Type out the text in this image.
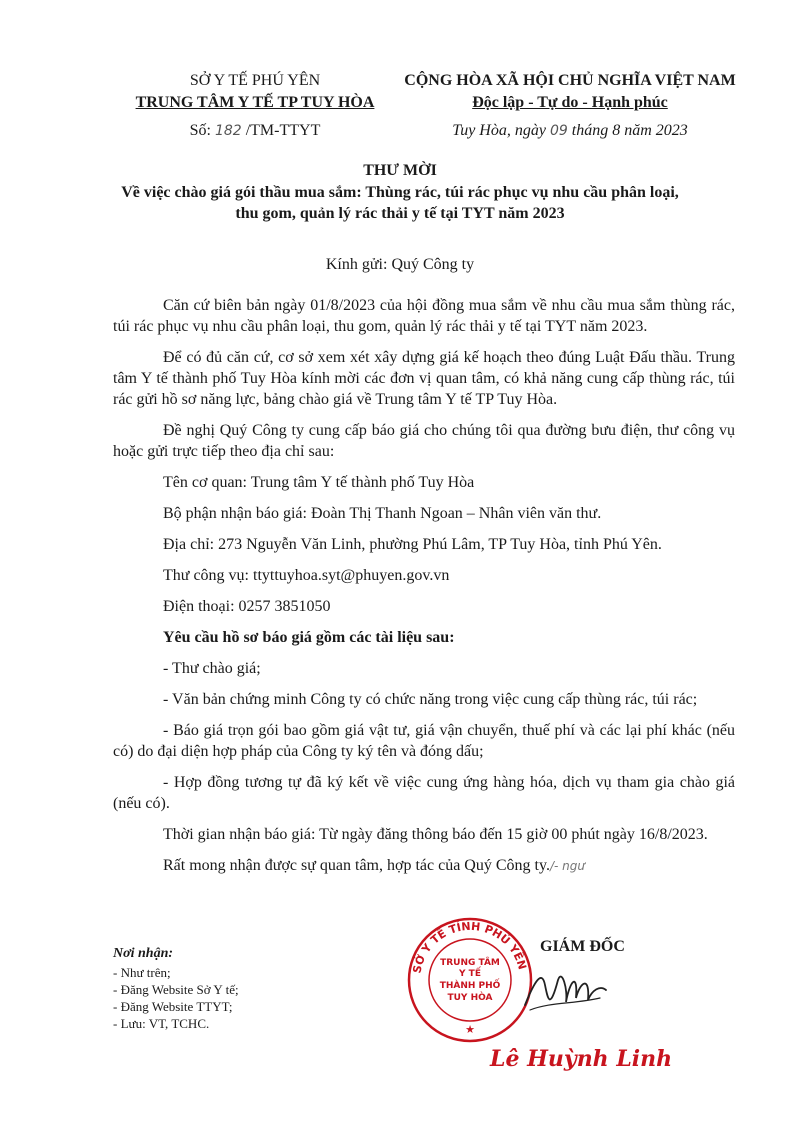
SỞ Y TẾ PHÚ YÊN
TRUNG TÂM Y TẾ TP TUY HÒA
Số: 182 /TM-TTYT
CỘNG HÒA XÃ HỘI CHỦ NGHĨA VIỆT NAM
Độc lập - Tự do - Hạnh phúc
Tuy Hòa, ngày 09 tháng 8 năm 2023
THƯ MỜI
Về việc chào giá gói thầu mua sắm: Thùng rác, túi rác phục vụ nhu cầu phân loại,
thu gom, quản lý rác thải y tế tại TYT năm 2023
Kính gửi: Quý Công ty

Căn cứ biên bản ngày 01/8/2023 của hội đồng mua sắm về nhu cầu mua sắm thùng rác, túi rác phục vụ nhu cầu phân loại, thu gom, quản lý rác thải y tế tại TYT năm 2023.

Để có đủ căn cứ, cơ sở xem xét xây dựng giá kế hoạch theo đúng Luật Đấu thầu. Trung tâm Y tế thành phố Tuy Hòa kính mời các đơn vị quan tâm, có khả năng cung cấp thùng rác, túi rác gửi hồ sơ năng lực, bảng chào giá về Trung tâm Y tế TP Tuy Hòa.

Đề nghị Quý Công ty cung cấp báo giá cho chúng tôi qua đường bưu điện, thư công vụ hoặc gửi trực tiếp theo địa chỉ sau:

Tên cơ quan: Trung tâm Y tế thành phố Tuy Hòa

Bộ phận nhận báo giá: Đoàn Thị Thanh Ngoan – Nhân viên văn thư.

Địa chỉ: 273 Nguyễn Văn Linh, phường Phú Lâm, TP Tuy Hòa, tỉnh Phú Yên.

Thư công vụ: ttyttuyhoa.syt@phuyen.gov.vn

Điện thoại: 0257 3851050

Yêu cầu hồ sơ báo giá gồm các tài liệu sau:

- Thư chào giá;

- Văn bản chứng minh Công ty có chức năng trong việc cung cấp thùng rác, túi rác;

- Báo giá trọn gói bao gồm giá vật tư, giá vận chuyển, thuế phí và các lại phí khác (nếu có) do đại diện hợp pháp của Công ty ký tên và đóng dấu;

- Hợp đồng tương tự đã ký kết về việc cung ứng hàng hóa, dịch vụ tham gia chào giá (nếu có).

Thời gian nhận báo giá: Từ ngày đăng thông báo đến 15 giờ 00 phút ngày 16/8/2023.

Rất mong nhận được sự quan tâm, hợp tác của Quý Công ty./- ngư

Nơi nhận:
- Như trên;
- Đăng Website Sở Y tế;
- Đăng Website TTYT;
- Lưu: VT, TCHC.
SỞ Y TẾ TỈNH PHÚ YÊN
TRUNG TÂM
Y TẾ
THÀNH PHỐ
TUY HÒA
★
GIÁM ĐỐC
Lê Huỳnh Linh
